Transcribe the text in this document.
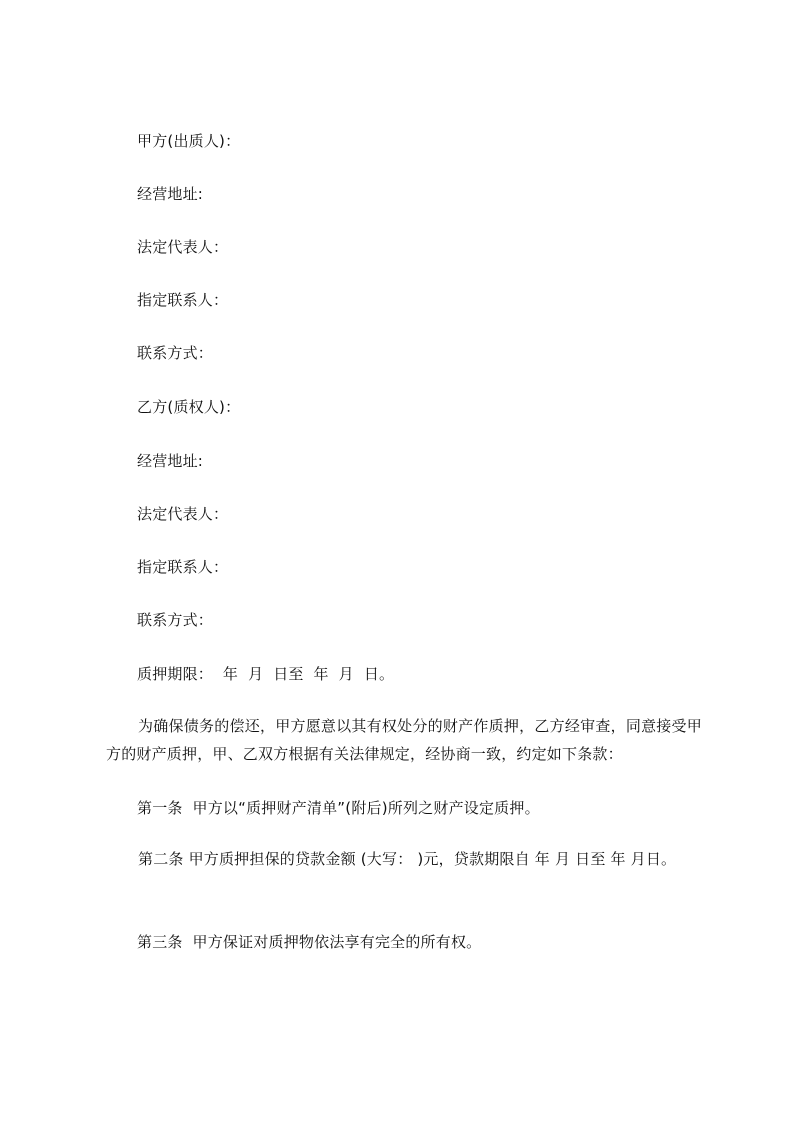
甲方(出质人)：
经营地址:
法定代表人：
指定联系人：
联系方式：
乙方(质权人)：
经营地址:
法定代表人：
指定联系人：
联系方式：
质押期限：  年  月  日至  年  月  日。
为确保债务的偿还，甲方愿意以其有权处分的财产作质押，乙方经审查，同意接受甲方的财产质押，甲、乙双方根据有关法律规定，经协商一致，约定如下条款：
第一条  甲方以“质押财产清单”(附后)所列之财产设定质押。
第二条 甲方质押担保的贷款金额 (大写： )元，贷款期限自 年 月 日至 年 月日。
第三条  甲方保证对质押物依法享有完全的所有权。
